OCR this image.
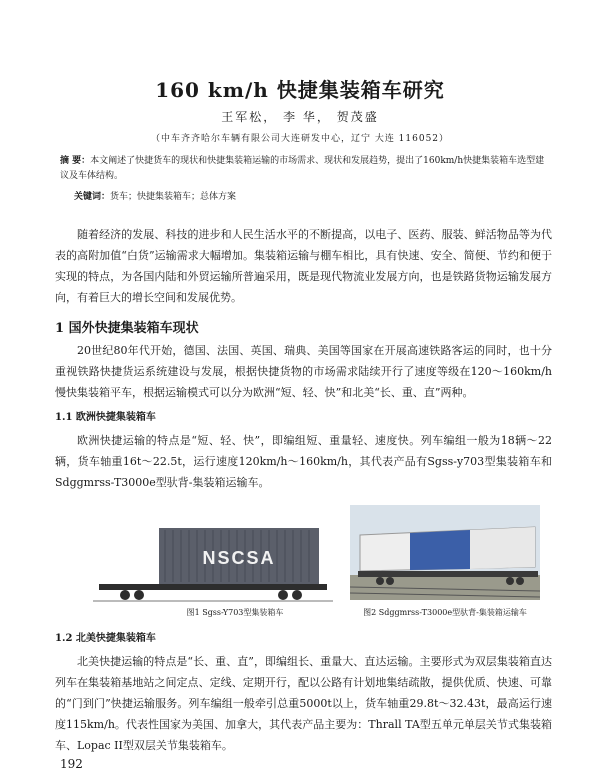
160 km/h 快捷集装箱车研究
王军松， 李 华， 贺茂盛
（中车齐齐哈尔车辆有限公司大连研发中心，辽宁 大连 116052）
摘 要：本文阐述了快捷货车的现状和快捷集装箱运输的市场需求、现状和发展趋势，提出了160km/h快捷集装箱车选型建议及车体结构。
关键词：货车；快捷集装箱车；总体方案
随着经济的发展、科技的进步和人民生活水平的不断提高，以电子、医药、服装、鲜活物品等为代表的高附加值“白货”运输需求大幅增加。集装箱运输与棚车相比，具有快速、安全、简便、节约和便于实现的特点，为各国内陆和外贸运输所普遍采用，既是现代物流业发展方向，也是铁路货物运输发展方向，有着巨大的增长空间和发展优势。
1 国外快捷集装箱车现状
20世纪80年代开始，德国、法国、英国、瑞典、美国等国家在开展高速铁路客运的同时，也十分重视铁路快捷货运系统建设与发展，根据快捷货物的市场需求陆续开行了速度等级在120～160km/h慢快集装箱平车，根据运输模式可以分为欧洲“短、轻、快”和北美“长、重、直”两种。
1.1 欧洲快捷集装箱车
欧洲快捷运输的特点是“短、轻、快”，即编组短、重量轻、速度快。列车编组一般为18辆～22辆，货车轴重16t～22.5t，运行速度120km/h～160km/h，其代表产品有Sgss-y703型集装箱车和Sdggmrss-T3000e型驮背-集装箱运输车。
NSCSA
图1 Sgss-Y703型集装箱车	图2 Sdggmrss-T3000e型驮背-集装箱运输车
1.2 北美快捷集装箱车
北美快捷运输的特点是“长、重、直”，即编组长、重量大、直达运输。主要形式为双层集装箱直达列车在集装箱基地站之间定点、定线、定期开行，配以公路有计划地集结疏散，提供优质、快速、可靠的“门到门”快捷运输服务。列车编组一般牵引总重5000t以上，货车轴重29.8t～32.43t，最高运行速度115km/h。代表性国家为美国、加拿大，其代表产品主要为：Thrall TA型五单元单层关节式集装箱车、Lopac II型双层关节集装箱车。
192
